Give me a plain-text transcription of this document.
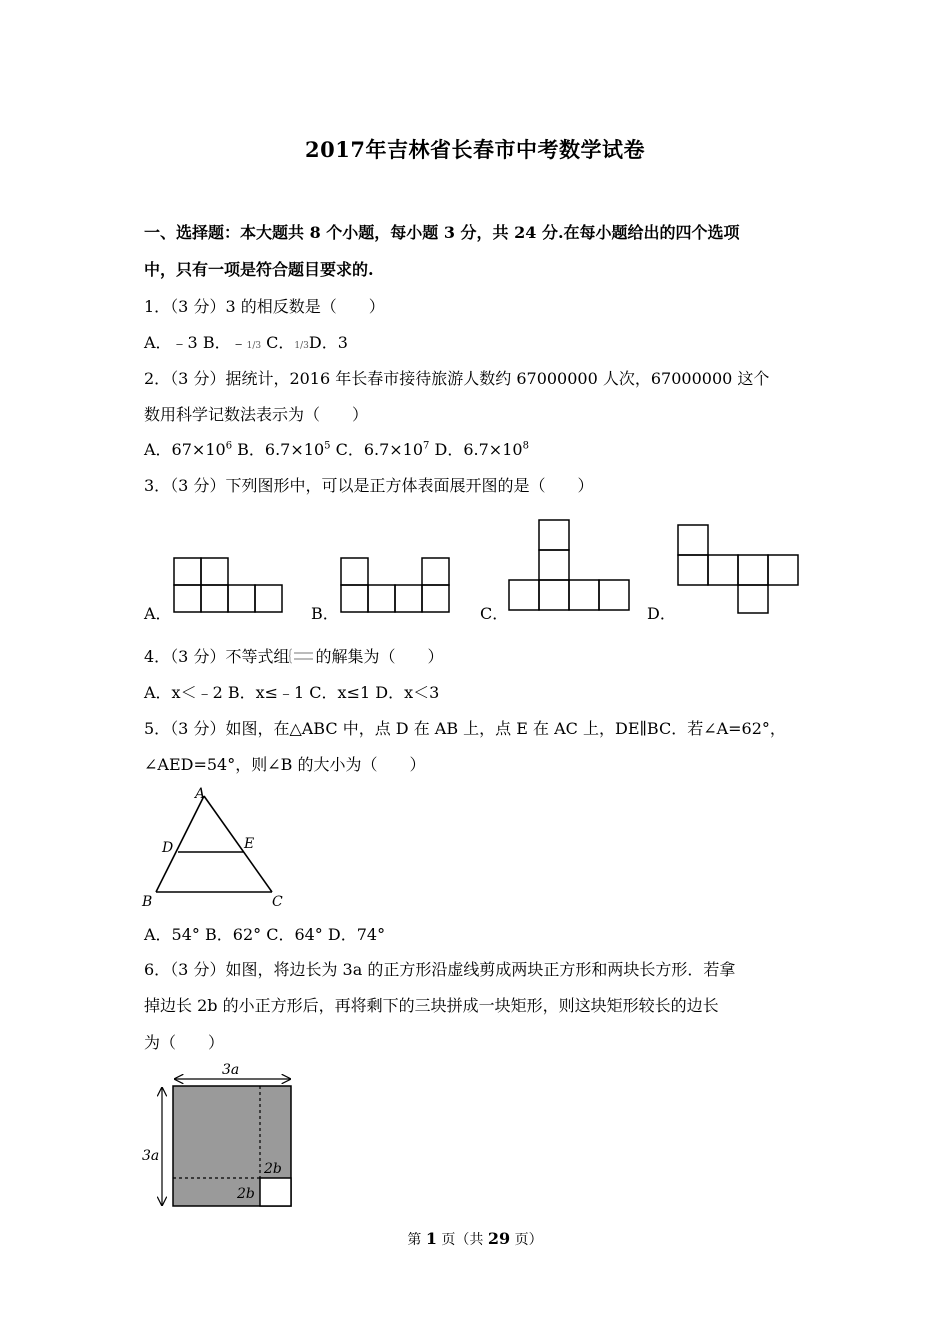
2017年吉林省长春市中考数学试卷
一、选择题：本大题共 8 个小题，每小题 3 分，共 24 分.在每小题给出的四个选项
中，只有一项是符合题目要求的.
1．（3 分）3 的相反数是（　　）
A．﹣3 B．﹣1/3 C．1/3D．3
2．（3 分）据统计，2016 年长春市接待旅游人数约 67000000 人次，67000000 这个
数用科学记数法表示为（　　）
A．$67\times 10^6$ B．$6.7\times 10^5$ C．$6.7\times 10^7$ D．$6.7\times 10^8$
3．（3 分）下列图形中，可以是正方体表面展开图的是（　　）
A．	B．	C．	D．
4．（3 分）不等式组 的解集为（　　）
A．x＜﹣2 B．x≤﹣1 C．x≤1 D．x＜3
5．（3 分）如图，在△ABC 中，点 D 在 AB 上，点 E 在 AC 上，DE∥BC．若∠A=62°，
∠AED=54°，则∠B 的大小为（　　）
A
B	C
D	E
A．54° B．62° C．64° D．74°
6．（3 分）如图，将边长为 3a 的正方形沿虚线剪成两块正方形和两块长方形．若拿
掉边长 2b 的小正方形后，再将剩下的三块拼成一块矩形，则这块矩形较长的边长
为（　　）
3a
3a
2b
2b
第 1 页（共 29 页）
